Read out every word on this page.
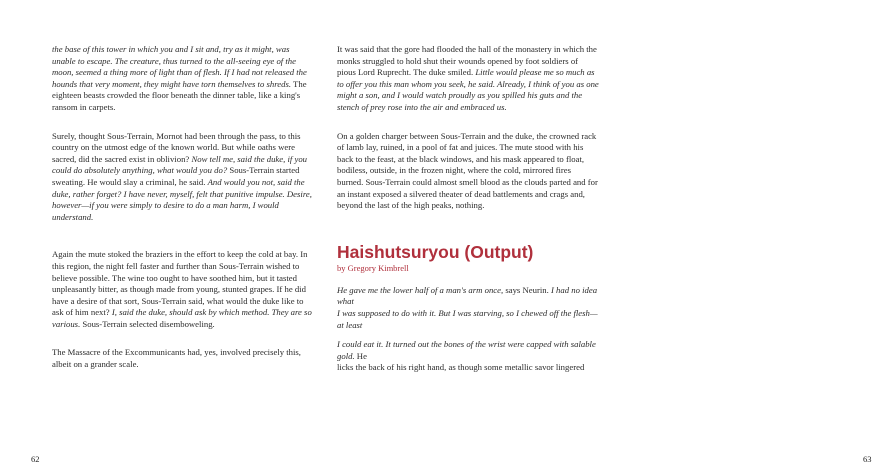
the base of this tower in which you and I sit and, try as it might, was unable to escape. The creature, thus turned to the all-seeing eye of the moon, seemed a thing more of light than of flesh. If I had not released the hounds that very moment, they might have torn themselves to shreds. The eighteen beasts crowded the floor beneath the dinner table, like a king's ransom in carpets.

Surely, thought Sous-Terrain, Mornot had been through the pass, to this country on the utmost edge of the known world. But while oaths were sacred, did the sacred exist in oblivion? Now tell me, said the duke, if you could do absolutely anything, what would you do? Sous-Terrain started sweating. He would slay a criminal, he said. And would you not, said the duke, rather forget? I have never, myself, felt that punitive impulse. Desire, however—if you were simply to desire to do a man harm, I would understand.

Again the mute stoked the braziers in the effort to keep the cold at bay. In this region, the night fell faster and further than Sous-Terrain wished to believe possible. The wine too ought to have soothed him, but it tasted unpleasantly bitter, as though made from young, stunted grapes. If he did have a desire of that sort, Sous-Terrain said, what would the duke like to ask of him next? I, said the duke, should ask by which method. They are so various. Sous-Terrain selected disemboweling.

The Massacre of the Excommunicants had, yes, involved precisely this, albeit on a grander scale.

62

It was said that the gore had flooded the hall of the monastery in which the monks struggled to hold shut their wounds opened by foot soldiers of pious Lord Ruprecht. The duke smiled. Little would please me so much as to offer you this man whom you seek, he said. Already, I think of you as one might a son, and I would watch proudly as you spilled his guts and the stench of prey rose into the air and embraced us.

On a golden charger between Sous-Terrain and the duke, the crowned rack of lamb lay, ruined, in a pool of fat and juices. The mute stood with his back to the feast, at the black windows, and his mask appeared to float, bodiless, outside, in the frozen night, where the cold, mirrored fires burned. Sous-Terrain could almost smell blood as the clouds parted and for an instant exposed a silvered theater of dead battlements and crags and, beyond the last of the high peaks, nothing.

Haishutsuryou (Output)
by Gregory Kimbrell

He gave me the lower half of a man's arm once, says Neurin. I had no idea what

I was supposed to do with it. But I was starving, so I chewed off the flesh— at least

I could eat it. It turned out the bones of the wrist were capped with salable gold. He

licks the back of his right hand, as though some metallic savor lingered

63
